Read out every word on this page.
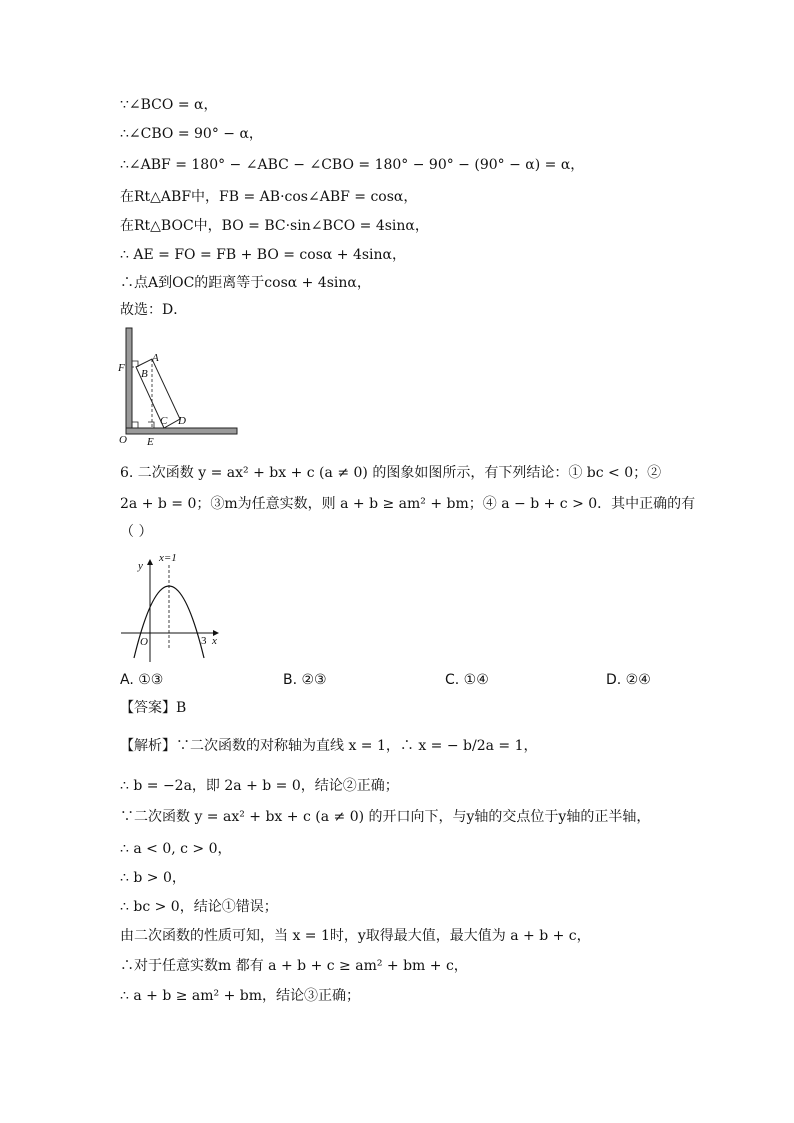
∵∠BCO = α，
∴∠CBO = 90° − α，
∴∠ABF = 180° − ∠ABC − ∠CBO = 180° − 90° − (90° − α) = α，
在Rt△ABF中，FB = AB·cos∠ABF = cosα，
在Rt△BOC中，BO = BC·sin∠BCO = 4sinα，
∴ AE = FO = FB + BO = cosα + 4sinα，
∴点A到OC的距离等于cosα + 4sinα，
故选：D．
F
A
B
C D
O E
6. 二次函数 y = ax² + bx + c (a ≠ 0) 的图象如图所示，有下列结论：① bc < 0；②
2a + b = 0；③m为任意实数，则 a + b ≥ am² + bm；④ a − b + c > 0．其中正确的有
（ ）
y
x=1
O	3 x
A. ①③	B. ②③	C. ①④	D. ②④
【答案】B
【解析】∵二次函数的对称轴为直线 x = 1，∴ x = − b/2a = 1，
∴ b = −2a，即 2a + b = 0，结论②正确；
∵二次函数 y = ax² + bx + c (a ≠ 0) 的开口向下，与y轴的交点位于y轴的正半轴，
∴ a < 0, c > 0，
∴ b > 0，
∴ bc > 0，结论①错误；
由二次函数的性质可知，当 x = 1时，y取得最大值，最大值为 a + b + c，
∴对于任意实数m 都有 a + b + c ≥ am² + bm + c，
∴ a + b ≥ am² + bm，结论③正确；
